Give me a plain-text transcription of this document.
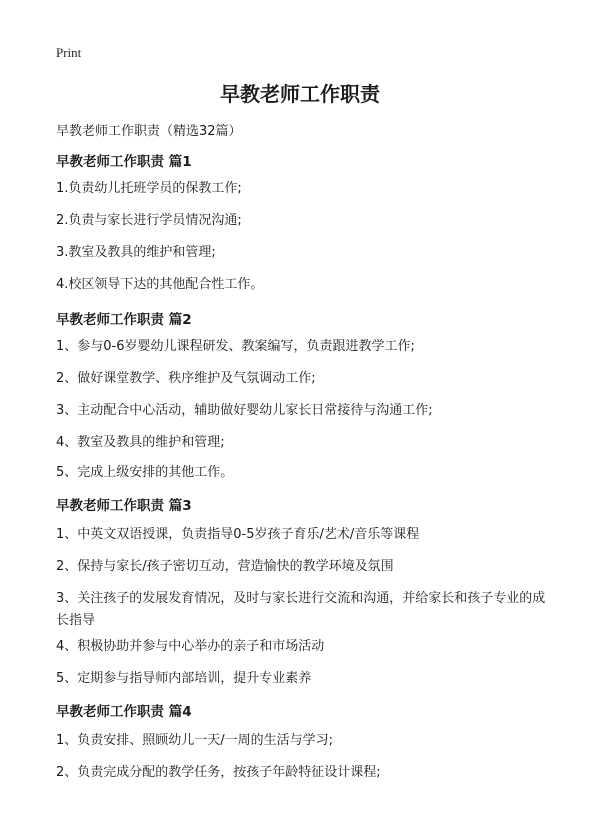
Print
早教老师工作职责
早教老师工作职责（精选32篇）
早教老师工作职责 篇1
1.负责幼儿托班学员的保教工作;
2.负责与家长进行学员情况沟通;
3.教室及教具的维护和管理;
4.校区领导下达的其他配合性工作。
早教老师工作职责 篇2
1、参与0-6岁婴幼儿课程研发、教案编写，负责跟进教学工作;
2、做好课堂教学、秩序维护及气氛调动工作;
3、主动配合中心活动，辅助做好婴幼儿家长日常接待与沟通工作;
4、教室及教具的维护和管理;
5、完成上级安排的其他工作。
早教老师工作职责 篇3
1、中英文双语授课，负责指导0-5岁孩子育乐/艺术/音乐等课程
2、保持与家长/孩子密切互动，营造愉快的教学环境及氛围
3、关注孩子的发展发育情况，及时与家长进行交流和沟通，并给家长和孩子专业的成长指导
4、积极协助并参与中心举办的亲子和市场活动
5、定期参与指导师内部培训，提升专业素养
早教老师工作职责 篇4
1、负责安排、照顾幼儿一天/一周的生活与学习;
2、负责完成分配的教学任务，按孩子年龄特征设计课程;
